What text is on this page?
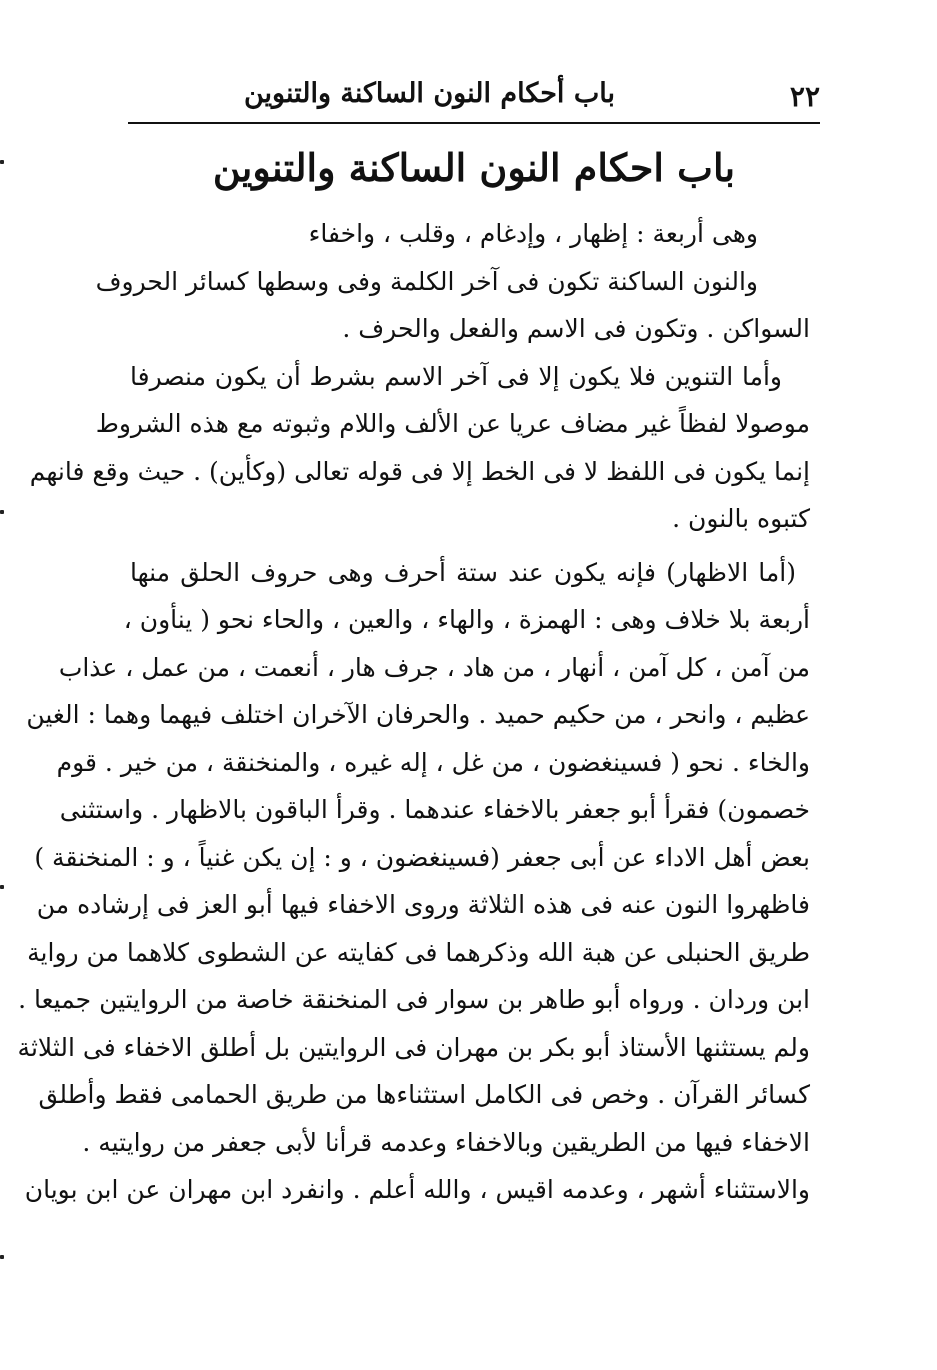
٢٢
باب أحكام النون الساكنة والتنوين
باب احكام النون الساكنة والتنوين
وهى أربعة : إظهار ، وإدغام ، وقلب ، واخفاء
والنون الساكنة تكون فى آخر الكلمة وفى وسطها كسائر الحروف
السواكن . وتكون فى الاسم والفعل والحرف .
وأما التنوين فلا يكون إلا فى آخر الاسم بشرط أن يكون منصرفا
موصولا لفظاً غير مضاف عريا عن الألف واللام وثبوته مع هذه الشروط
إنما يكون فى اللفظ لا فى الخط إلا فى قوله تعالى (وكأين) . حيث وقع فانهم
كتبوه بالنون .
(أما الاظهار) فإنه يكون عند ستة أحرف وهى حروف الحلق منها
أربعة بلا خلاف وهى : الهمزة ، والهاء ، والعين ، والحاء نحو ( ينأون ،
من آمن ، كل آمن ، أنهار ، من هاد ، جرف هار ، أنعمت ، من عمل ، عذاب
عظيم ، وانحر ، من حكيم حميد . والحرفان الآخران اختلف فيهما وهما : الغين
والخاء . نحو ( فسينغضون ، من غل ، إله غيره ، والمنخنقة ، من خير . قوم
خصمون) فقرأ أبو جعفر بالاخفاء عندهما . وقرأ الباقون بالاظهار . واستثنى
بعض أهل الاداء عن أبى جعفر (فسينغضون ، و : إن يكن غنياً ، و : المنخنقة )
فاظهروا النون عنه فى هذه الثلاثة وروى الاخفاء فيها أبو العز فى إرشاده من
طريق الحنبلى عن هبة الله وذكرهما فى كفايته عن الشطوى كلاهما من رواية
ابن وردان . ورواه أبو طاهر بن سوار فى المنخنقة خاصة من الروايتين جميعا .
ولم يستثنها الأستاذ أبو بكر بن مهران فى الروايتين بل أطلق الاخفاء فى الثلاثة
كسائر القرآن . وخص فى الكامل استثناءها من طريق الحمامى فقط وأطلق
الاخفاء فيها من الطريقين وبالاخفاء وعدمه قرأنا لأبى جعفر من روايتيه .
والاستثناء أشهر ، وعدمه اقيس ، والله أعلم . وانفرد ابن مهران عن ابن بويان
